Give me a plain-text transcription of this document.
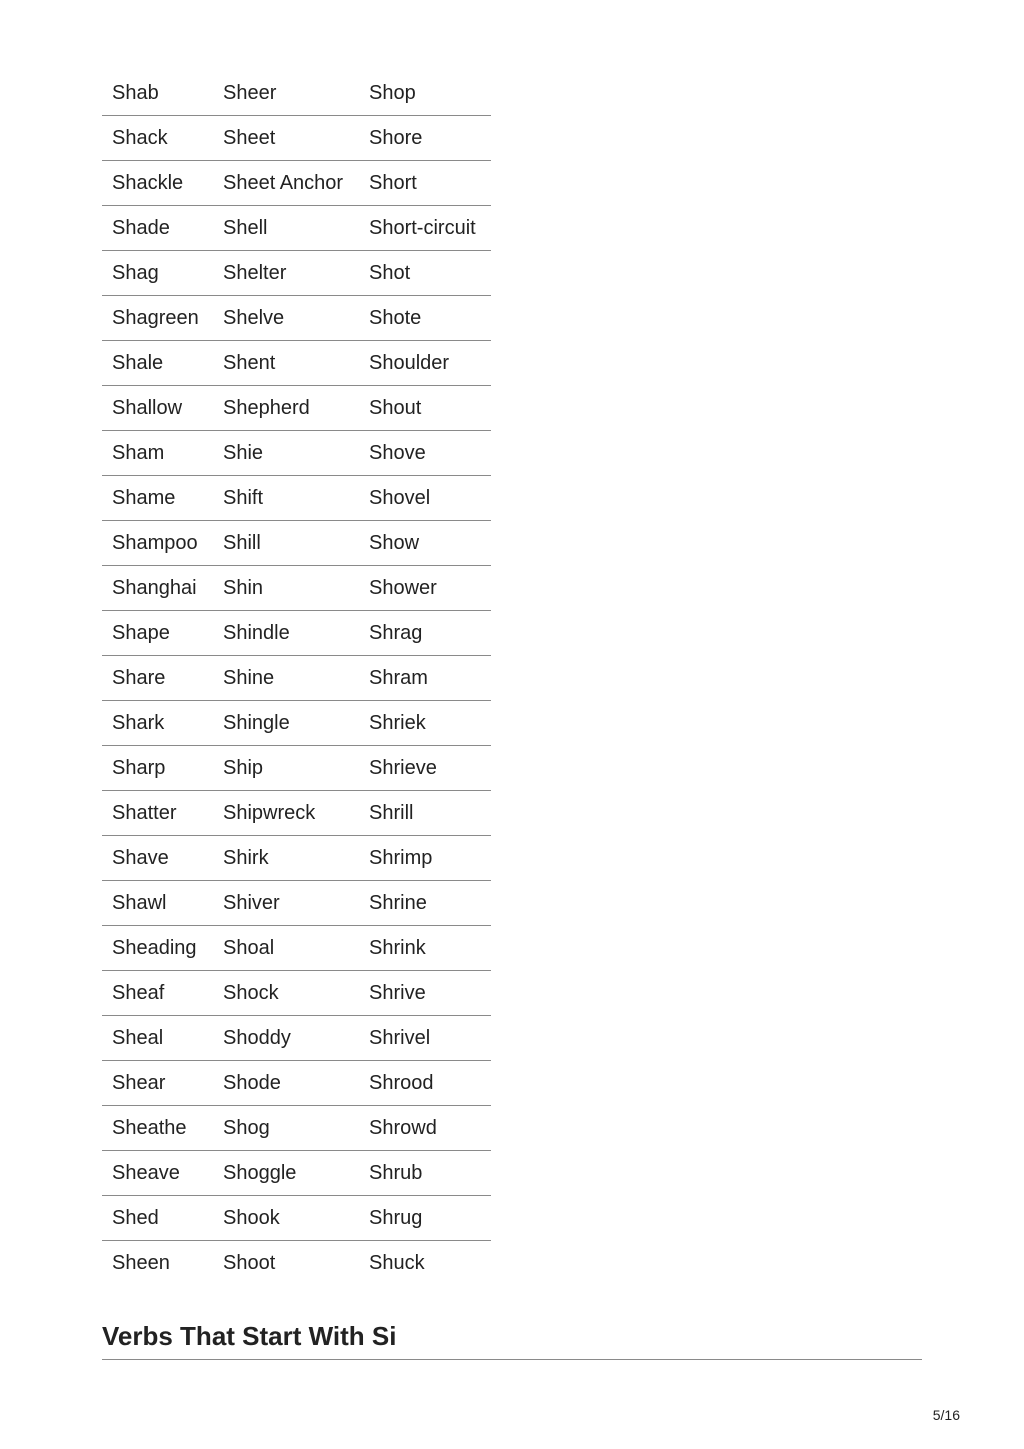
Shab	Sheer	Shop
Shack	Sheet	Shore
Shackle	Sheet Anchor	Short
Shade	Shell	Short-circuit
Shag	Shelter	Shot
Shagreen	Shelve	Shote
Shale	Shent	Shoulder
Shallow	Shepherd	Shout
Sham	Shie	Shove
Shame	Shift	Shovel
Shampoo	Shill	Show
Shanghai	Shin	Shower
Shape	Shindle	Shrag
Share	Shine	Shram
Shark	Shingle	Shriek
Sharp	Ship	Shrieve
Shatter	Shipwreck	Shrill
Shave	Shirk	Shrimp
Shawl	Shiver	Shrine
Sheading	Shoal	Shrink
Sheaf	Shock	Shrive
Sheal	Shoddy	Shrivel
Shear	Shode	Shrood
Sheathe	Shog	Shrowd
Sheave	Shoggle	Shrub
Shed	Shook	Shrug
Sheen	Shoot	Shuck
Verbs That Start With Si
5/16
